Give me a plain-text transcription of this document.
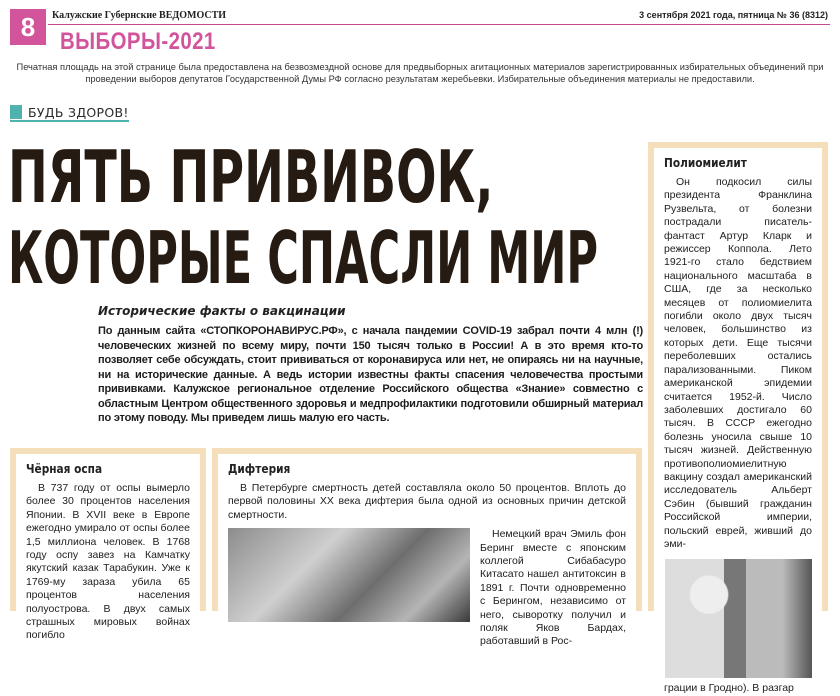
8	Калужские Губернские ВЕДОМОСТИ	3 сентября 2021 года, пятница № 36 (8312)
ВЫБОРЫ-2021
Печатная площадь на этой странице была предоставлена на безвозмездной основе для предвыборных агитационных материалов зарегистрированных избирательных объединений при проведении выборов депутатов Государственной Думы РФ согласно результатам жеребьевки. Избирательные объединения материалы не предоставили.
БУДЬ ЗДОРОВ!
ПЯТЬ ПРИВИВОК,
КОТОРЫЕ СПАСЛИ МИР
Исторические факты о вакцинации
По данным сайта «СТОПКОРОНАВИРУС.РФ», с начала пандемии COVID-19 забрал почти 4 млн (!) человеческих жизней по всему миру, почти 150 тысяч только в России! А в это время кто-то позволяет себе обсуждать, стоит прививаться от коронавируса или нет, не опираясь ни на научные, ни на исторические данные. А ведь истории известны факты спасения человечества простыми прививками. Калужское региональное отделение Российского общества «Знание» совместно с областным Центром общественного здоровья и медпрофилактики подготовили обширный материал по этому поводу. Мы приведем лишь малую его часть.
Полиомиелит

Он подкосил силы президента Франклина Рузвельта, от болезни пострадали писатель-фантаст Артур Кларк и режиссер Коппола. Лето 1921-го стало бедствием национального масштаба в США, где за несколько месяцев от полиомиелита погибли около двух тысяч человек, большинство из которых дети. Еще тысячи переболевших остались парализованными. Пиком американской эпидемии считается 1952-й. Число заболевших достигало 60 тысяч. В СССР ежегодно болезнь уносила свыше 10 тысяч жизней. Действенную противополиомиелитную вакцину создал американский исследователь Альберт Сэбин (бывший гражданин Российской империи, польский еврей, живший до эми-

грации в Гродно). В разгар

Чёрная оспа

В 737 году от оспы вымерло более 30 процентов населения Японии. В XVII веке в Европе ежегодно умирало от оспы более 1,5 миллиона человек. В 1768 году оспу завез на Камчатку якутский казак Тарабукин. Уже к 1769-му зараза убила 65 процентов населения полуострова. В двух самых страшных мировых войнах погибло

Дифтерия

В Петербурге смертность детей составляла около 50 процентов. Вплоть до первой половины XX века дифтерия была одной из основных причин детской смертности.

Немецкий врач Эмиль фон Беринг вместе с японским коллегой Сибабасуро Китасато нашел антитоксин в 1891 г. Почти одновременно с Берингом, независимо от него, сыворотку получил и поляк Яков Бардах, работавший в Рос-
